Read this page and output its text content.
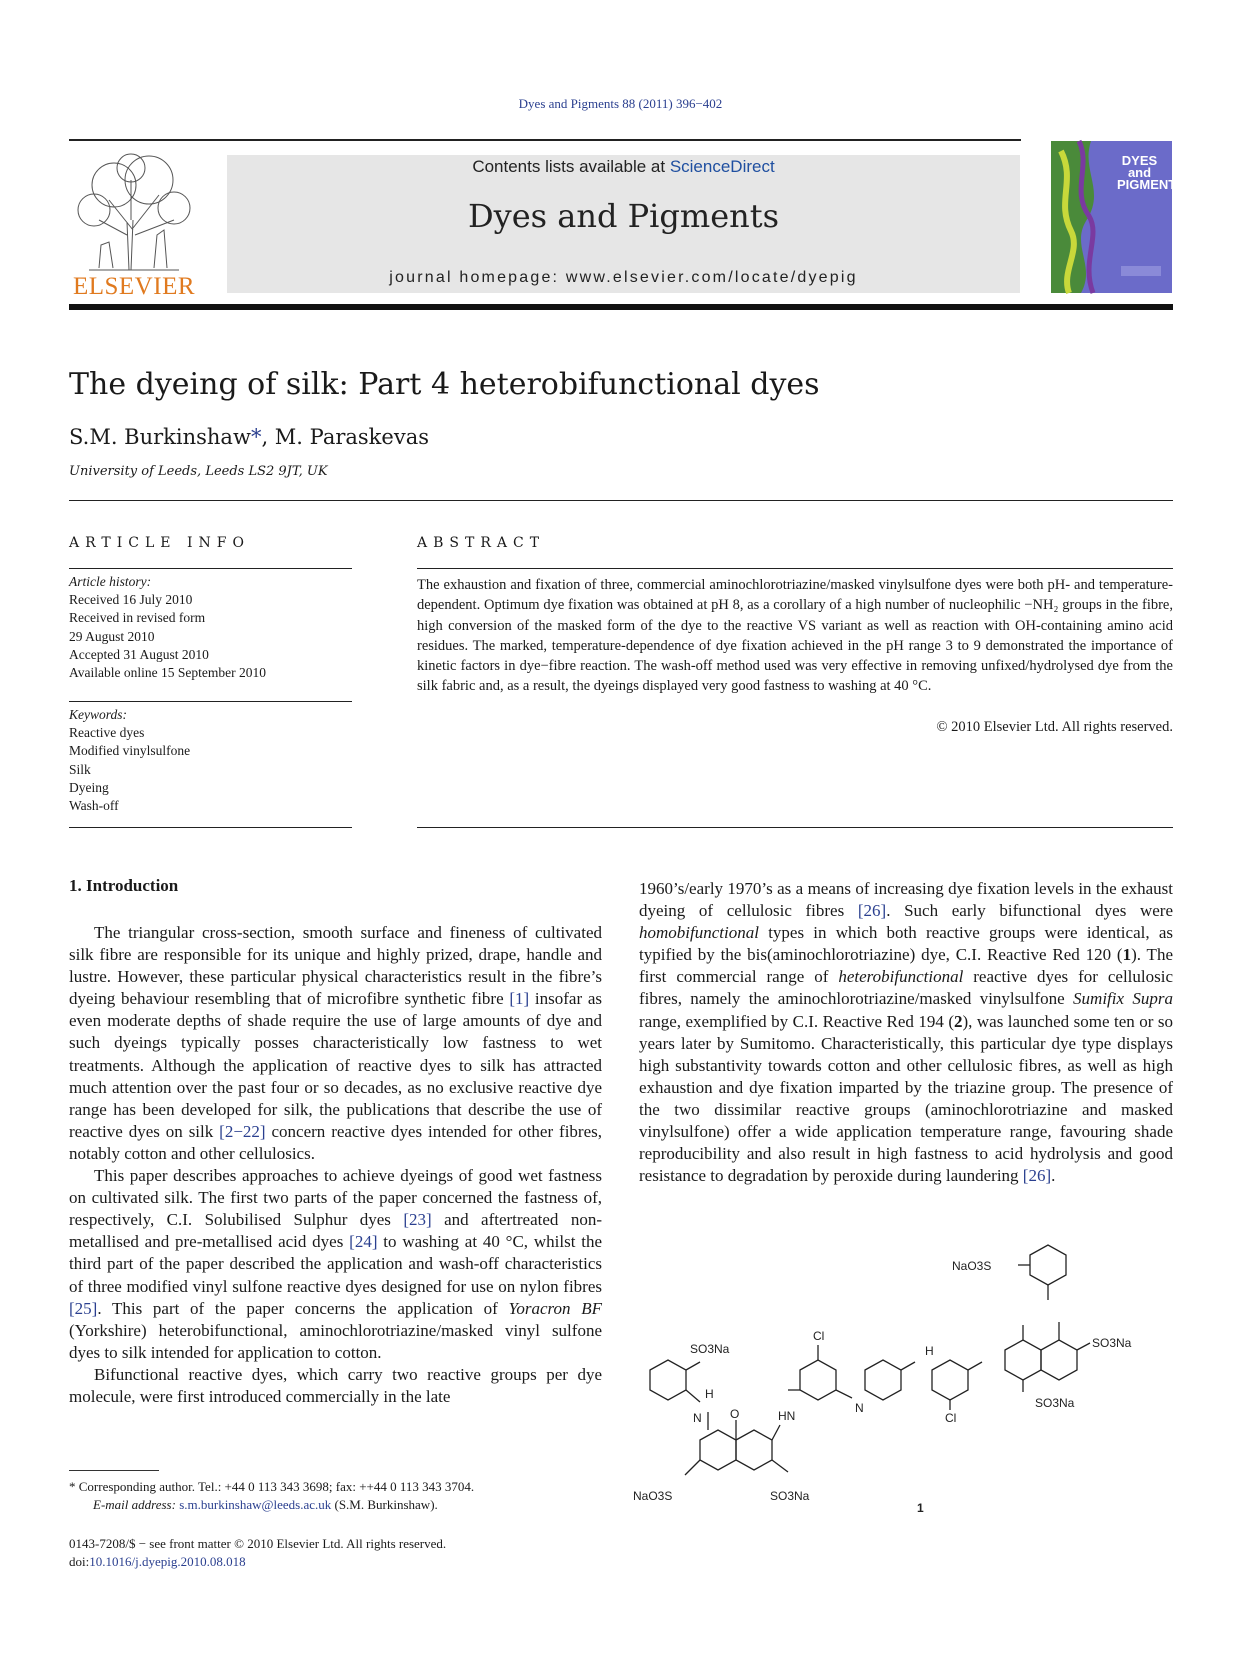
Dyes and Pigments 88 (2011) 396−402
ELSEVIER
Contents lists available at ScienceDirect
Dyes and Pigments
journal homepage: www.elsevier.com/locate/dyepig
DYES and PIGMENTS
The dyeing of silk: Part 4 heterobifunctional dyes
S.M. Burkinshaw*, M. Paraskevas
University of Leeds, Leeds LS2 9JT, UK
ARTICLE INFO
Article history:
Received 16 July 2010
Received in revised form
29 August 2010
Accepted 31 August 2010
Available online 15 September 2010
Keywords:
Reactive dyes
Modified vinylsulfone
Silk
Dyeing
Wash-off
ABSTRACT
The exhaustion and fixation of three, commercial aminochlorotriazine/masked vinylsulfone dyes were both pH- and temperature-dependent. Optimum dye fixation was obtained at pH 8, as a corollary of a high number of nucleophilic −NH₂ groups in the fibre, high conversion of the masked form of the dye to the reactive VS variant as well as reaction with OH-containing amino acid residues. The marked, temperature-dependence of dye fixation achieved in the pH range 3 to 9 demonstrated the importance of kinetic factors in dye−fibre reaction. The wash-off method used was very effective in removing unfixed/hydrolysed dye from the silk fabric and, as a result, the dyeings displayed very good fastness to washing at 40 °C.
© 2010 Elsevier Ltd. All rights reserved.
1. Introduction

The triangular cross-section, smooth surface and fineness of cultivated silk fibre are responsible for its unique and highly prized, drape, handle and lustre. However, these particular physical characteristics result in the fibre’s dyeing behaviour resembling that of microfibre synthetic fibre [1] insofar as even moderate depths of shade require the use of large amounts of dye and such dyeings typically posses characteristically low fastness to wet treatments. Although the application of reactive dyes to silk has attracted much attention over the past four or so decades, as no exclusive reactive dye range has been developed for silk, the publications that describe the use of reactive dyes on silk [2−22] concern reactive dyes intended for other fibres, notably cotton and other cellulosics.

This paper describes approaches to achieve dyeings of good wet fastness on cultivated silk. The first two parts of the paper concerned the fastness of, respectively, C.I. Solubilised Sulphur dyes [23] and aftertreated non-metallised and pre-metallised acid dyes [24] to washing at 40 °C, whilst the third part of the paper described the application and wash-off characteristics of three modified vinyl sulfone reactive dyes designed for use on nylon fibres [25]. This part of the paper concerns the application of Yoracron BF (Yorkshire) heterobifunctional, aminochlorotriazine/masked vinyl sulfone dyes to silk intended for application to cotton.

Bifunctional reactive dyes, which carry two reactive groups per dye molecule, were first introduced commercially in the late

1960’s/early 1970’s as a means of increasing dye fixation levels in the exhaust dyeing of cellulosic fibres [26]. Such early bifunctional dyes were homobifunctional types in which both reactive groups were identical, as typified by the bis(aminochlorotriazine) dye, C.I. Reactive Red 120 (1). The first commercial range of heterobifunctional reactive dyes for cellulosic fibres, namely the aminochlorotriazine/masked vinylsulfone Sumifix Supra range, exemplified by C.I. Reactive Red 194 (2), was launched some ten or so years later by Sumitomo. Characteristically, this particular dye type displays high substantivity towards cotton and other cellulosic fibres, as well as high exhaustion and dye fixation imparted by the triazine group. The presence of the two dissimilar reactive groups (aminochlorotriazine and masked vinylsulfone) offer a wide application temperature range, favouring shade reproducibility and also result in high fastness to acid hydrolysis and good resistance to degradation by peroxide during laundering [26].

SO3Na
NaO3S	SO3Na
NaO3S
SO3Na
SO3Na
Cl
Cl
N
H
O	HN
N
H
1
* Corresponding author. Tel.: +44 0 113 343 3698; fax: ++44 0 113 343 3704.
E-mail address: s.m.burkinshaw@leeds.ac.uk (S.M. Burkinshaw).
0143-7208/$ − see front matter © 2010 Elsevier Ltd. All rights reserved.
doi:10.1016/j.dyepig.2010.08.018
